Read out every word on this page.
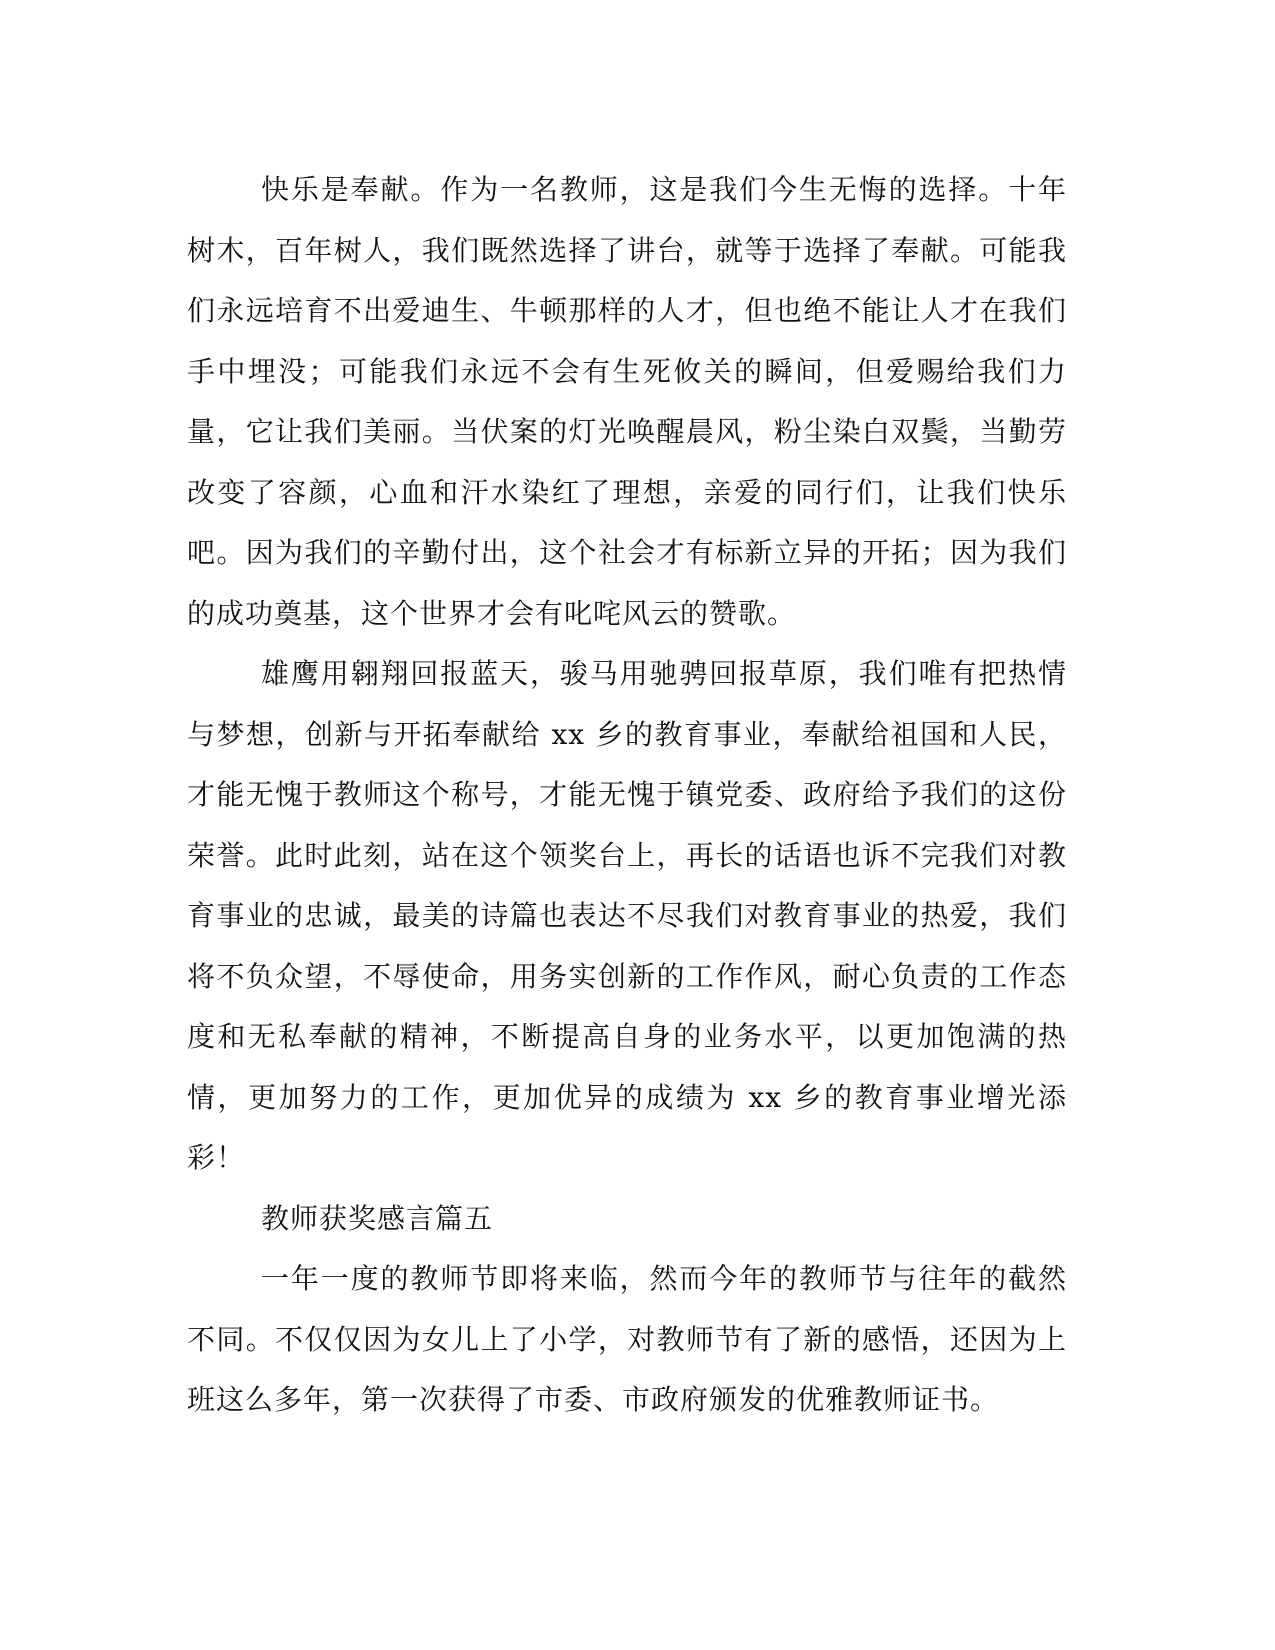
快乐是奉献。作为一名教师，这是我们今生无悔的选择。十年树木，百年树人，我们既然选择了讲台，就等于选择了奉献。可能我们永远培育不出爱迪生、牛顿那样的人才，但也绝不能让人才在我们手中埋没；可能我们永远不会有生死攸关的瞬间，但爱赐给我们力量，它让我们美丽。当伏案的灯光唤醒晨风，粉尘染白双鬓，当勤劳改变了容颜，心血和汗水染红了理想，亲爱的同行们，让我们快乐吧。因为我们的辛勤付出，这个社会才有标新立异的开拓；因为我们的成功奠基，这个世界才会有叱咤风云的赞歌。

雄鹰用翱翔回报蓝天，骏马用驰骋回报草原，我们唯有把热情与梦想，创新与开拓奉献给 xx 乡的教育事业，奉献给祖国和人民，才能无愧于教师这个称号，才能无愧于镇党委、政府给予我们的这份荣誉。此时此刻，站在这个领奖台上，再长的话语也诉不完我们对教育事业的忠诚，最美的诗篇也表达不尽我们对教育事业的热爱，我们将不负众望，不辱使命，用务实创新的工作作风，耐心负责的工作态度和无私奉献的精神，不断提高自身的业务水平，以更加饱满的热情，更加努力的工作，更加优异的成绩为 xx 乡的教育事业增光添彩！

教师获奖感言篇五

一年一度的教师节即将来临，然而今年的教师节与往年的截然不同。不仅仅因为女儿上了小学，对教师节有了新的感悟，还因为上班这么多年，第一次获得了市委、市政府颁发的优雅教师证书。
